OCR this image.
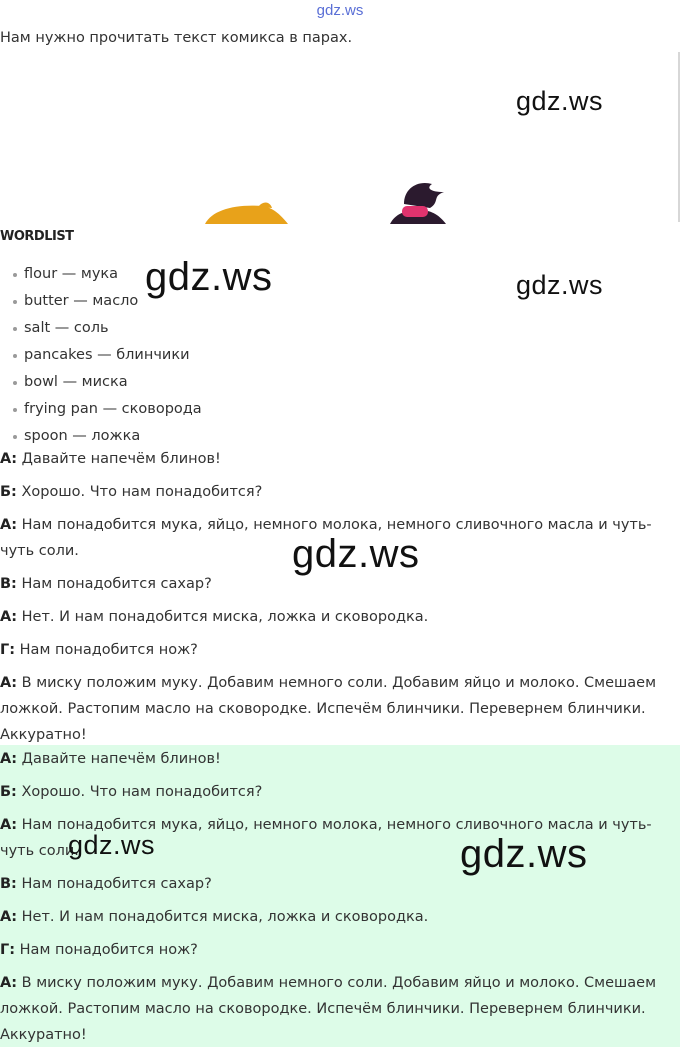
gdz.ws
Нам нужно прочитать текст комикса в парах.
WORDLIST
flour — мука
butter — масло
salt — соль
pancakes — блинчики
bowl — миска
frying pan — сковорода
spoon — ложка

А: Давайте напечём блинов!

Б: Хорошо. Что нам понадобится?

А: Нам понадобится мука, яйцо, немного молока, немного сливочного масла и чуть-чуть соли.

В: Нам понадобится сахар?

А: Нет. И нам понадобится миска, ложка и сковородка.

Г: Нам понадобится нож?

А: В миску положим муку. Добавим немного соли. Добавим яйцо и молоко. Смешаем ложкой. Растопим масло на сковородке. Испечём блинчики. Перевернем блинчики. Аккуратно!

А: Давайте напечём блинов!

Б: Хорошо. Что нам понадобится?

А: Нам понадобится мука, яйцо, немного молока, немного сливочного масла и чуть-чуть соли.

В: Нам понадобится сахар?

А: Нет. И нам понадобится миска, ложка и сковородка.

Г: Нам понадобится нож?

А: В миску положим муку. Добавим немного соли. Добавим яйцо и молоко. Смешаем ложкой. Растопим масло на сковородке. Испечём блинчики. Перевернем блинчики. Аккуратно!

gdz.ws
gdz.ws	gdz.ws
gdz.ws
gdz.ws	gdz.ws
